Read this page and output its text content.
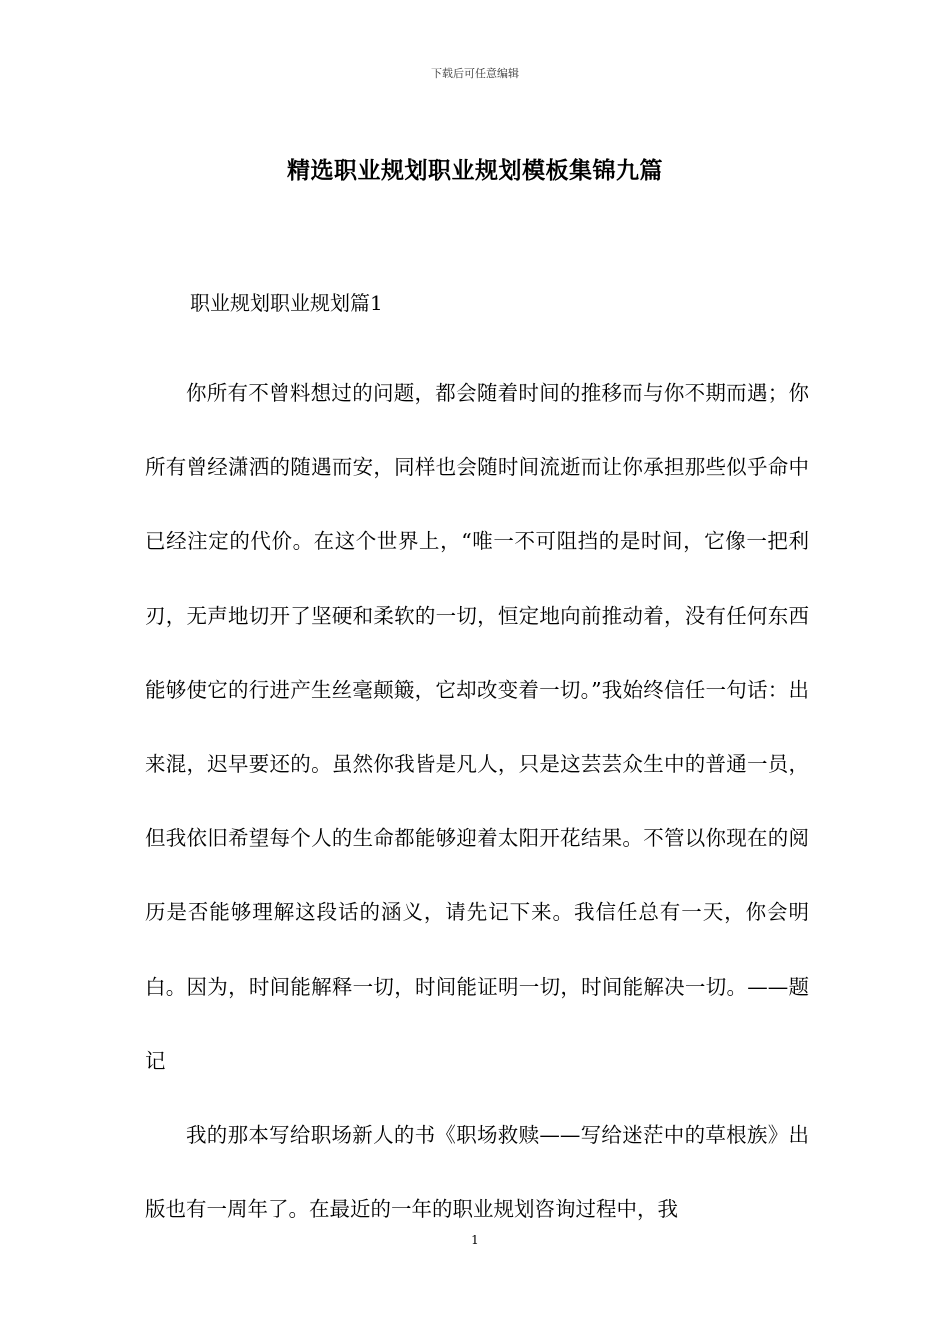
下载后可任意编辑
精选职业规划职业规划模板集锦九篇
职业规划职业规划篇1

你所有不曾料想过的问题，都会随着时间的推移而与你不期而遇；你所有曾经潇洒的随遇而安，同样也会随时间流逝而让你承担那些似乎命中已经注定的代价。在这个世界上，“唯一不可阻挡的是时间，它像一把利刃，无声地切开了坚硬和柔软的一切，恒定地向前推动着，没有任何东西能够使它的行进产生丝毫颠簸，它却改变着一切。”我始终信任一句话：出来混，迟早要还的。虽然你我皆是凡人，只是这芸芸众生中的普通一员，但我依旧希望每个人的生命都能够迎着太阳开花结果。不管以你现在的阅历是否能够理解这段话的涵义，请先记下来。我信任总有一天，你会明白。因为，时间能解释一切，时间能证明一切，时间能解决一切。——题记

我的那本写给职场新人的书《职场救赎——写给迷茫中的草根族》出版也有一周年了。在最近的一年的职业规划咨询过程中，我

1
